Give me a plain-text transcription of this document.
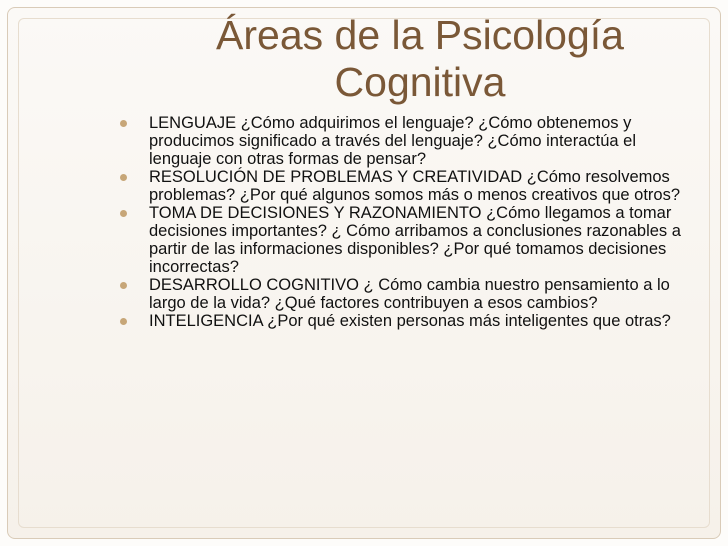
Áreas de la Psicología Cognitiva
LENGUAJE ¿Cómo adquirimos el lenguaje? ¿Cómo obtenemos y producimos significado a través del lenguaje? ¿Cómo interactúa el lenguaje con otras formas de pensar?
RESOLUCIÓN DE PROBLEMAS Y CREATIVIDAD ¿Cómo resolvemos problemas? ¿Por qué algunos somos más o menos creativos que otros?
TOMA DE DECISIONES Y RAZONAMIENTO ¿Cómo llegamos a tomar decisiones importantes? ¿ Cómo arribamos a conclusiones razonables a partir de las informaciones disponibles? ¿Por qué tomamos decisiones incorrectas?
DESARROLLO COGNITIVO ¿ Cómo cambia nuestro pensamiento a lo largo de la vida? ¿Qué factores contribuyen a esos cambios?
INTELIGENCIA ¿Por qué existen personas más inteligentes que otras?
